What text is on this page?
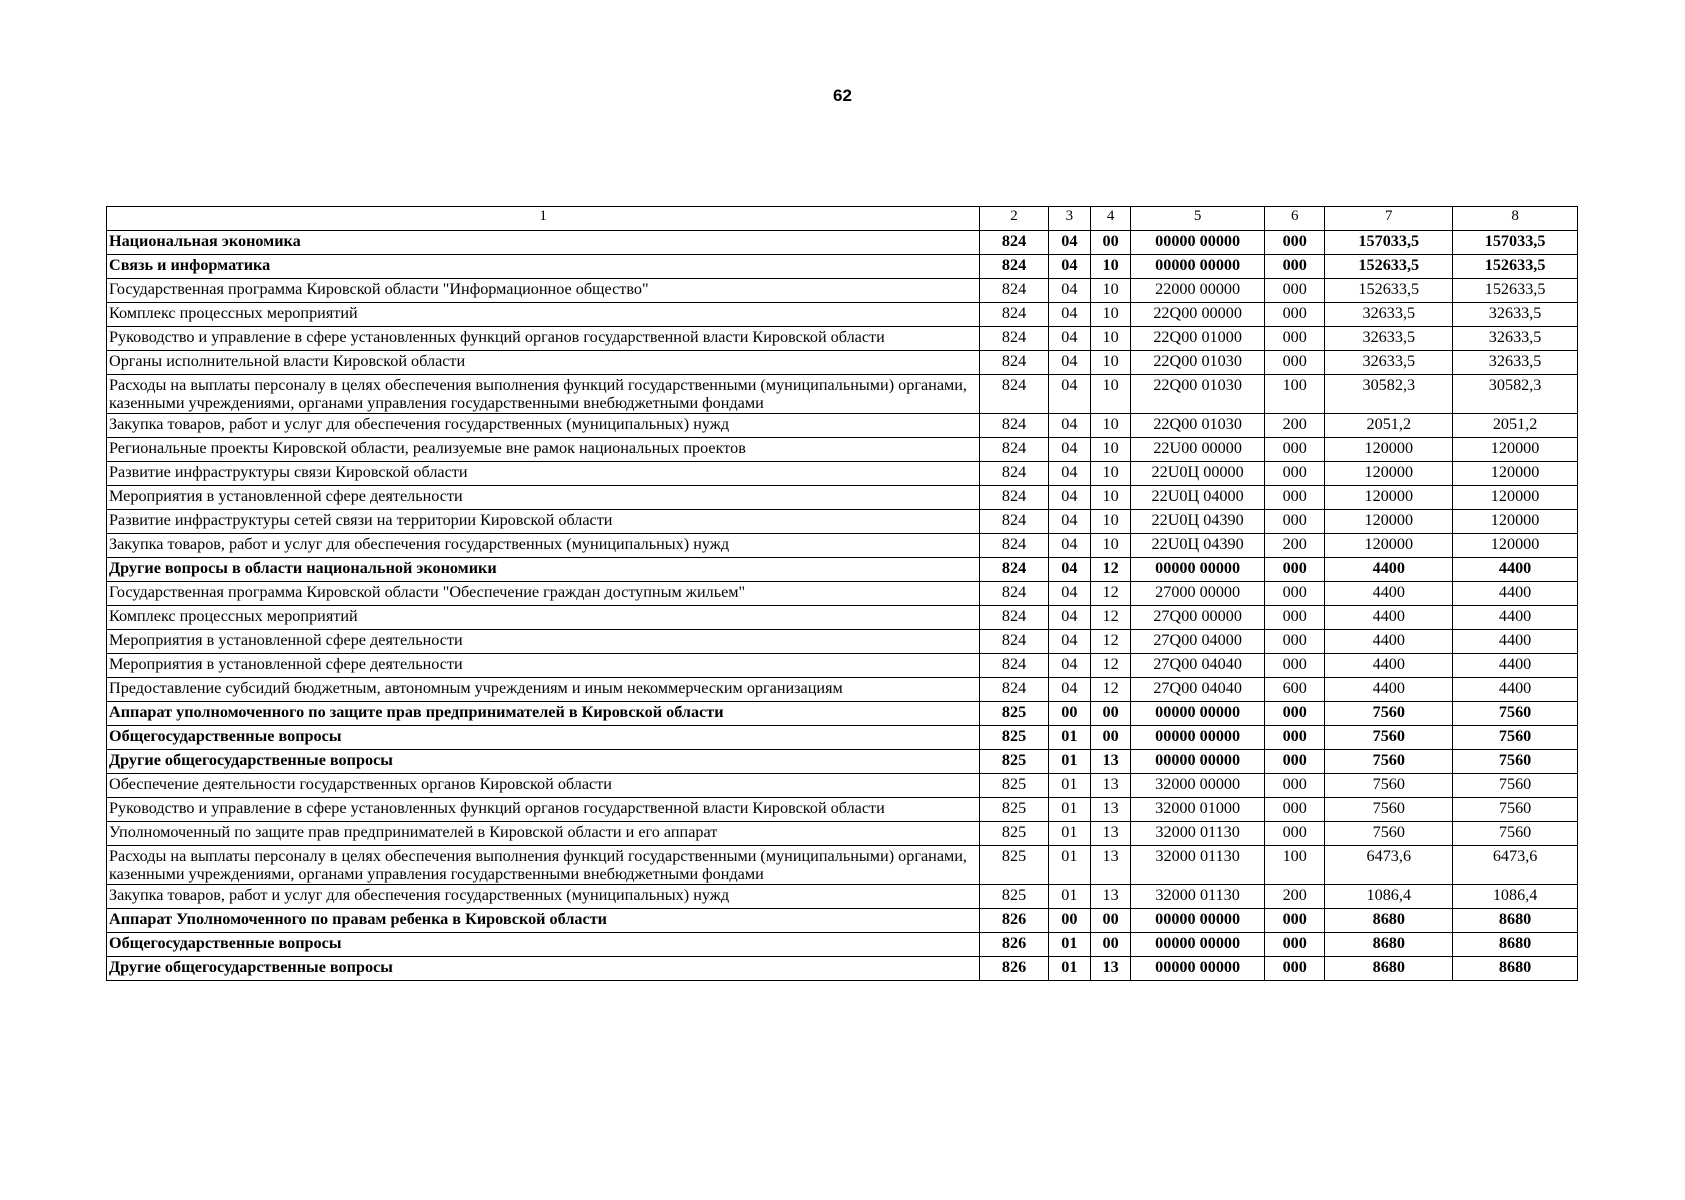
62
1	2	3	4	5	6	7	8
Национальная экономика	824	04	00	00000 00000	000	157033,5	157033,5
Связь и информатика	824	04	10	00000 00000	000	152633,5	152633,5
Государственная программа Кировской области "Информационное общество"	824	04	10	22000 00000	000	152633,5	152633,5
Комплекс процессных мероприятий	824	04	10	22Q00 00000	000	32633,5	32633,5
Руководство и управление в сфере установленных функций органов государственной власти Кировской области	824	04	10	22Q00 01000	000	32633,5	32633,5
Органы исполнительной власти Кировской области	824	04	10	22Q00 01030	000	32633,5	32633,5
Расходы на выплаты персоналу в целях обеспечения выполнения функций государственными (муниципальными) органами, казенными учреждениями, органами управления государственными внебюджетными фондами	824	04	10	22Q00 01030	100	30582,3	30582,3
Закупка товаров, работ и услуг для обеспечения государственных (муниципальных) нужд	824	04	10	22Q00 01030	200	2051,2	2051,2
Региональные проекты Кировской области, реализуемые вне рамок национальных проектов	824	04	10	22U00 00000	000	120000	120000
Развитие инфраструктуры связи Кировской области	824	04	10	22U0Ц 00000	000	120000	120000
Мероприятия в установленной сфере деятельности	824	04	10	22U0Ц 04000	000	120000	120000
Развитие инфраструктуры сетей связи на территории Кировской области	824	04	10	22U0Ц 04390	000	120000	120000
Закупка товаров, работ и услуг для обеспечения государственных (муниципальных) нужд	824	04	10	22U0Ц 04390	200	120000	120000
Другие вопросы в области национальной экономики	824	04	12	00000 00000	000	4400	4400
Государственная программа Кировской области "Обеспечение граждан доступным жильем"	824	04	12	27000 00000	000	4400	4400
Комплекс процессных мероприятий	824	04	12	27Q00 00000	000	4400	4400
Мероприятия в установленной сфере деятельности	824	04	12	27Q00 04000	000	4400	4400
Мероприятия в установленной сфере деятельности	824	04	12	27Q00 04040	000	4400	4400
Предоставление субсидий бюджетным, автономным учреждениям и иным некоммерческим организациям	824	04	12	27Q00 04040	600	4400	4400
Аппарат уполномоченного по защите прав предпринимателей в Кировской области	825	00	00	00000 00000	000	7560	7560
Общегосударственные вопросы	825	01	00	00000 00000	000	7560	7560
Другие общегосударственные вопросы	825	01	13	00000 00000	000	7560	7560
Обеспечение деятельности государственных органов Кировской области	825	01	13	32000 00000	000	7560	7560
Руководство и управление в сфере установленных функций органов государственной власти Кировской области	825	01	13	32000 01000	000	7560	7560
Уполномоченный по защите прав предпринимателей в Кировской области и его аппарат	825	01	13	32000 01130	000	7560	7560
Расходы на выплаты персоналу в целях обеспечения выполнения функций государственными (муниципальными) органами, казенными учреждениями, органами управления государственными внебюджетными фондами	825	01	13	32000 01130	100	6473,6	6473,6
Закупка товаров, работ и услуг для обеспечения государственных (муниципальных) нужд	825	01	13	32000 01130	200	1086,4	1086,4
Аппарат Уполномоченного по правам ребенка в Кировской области	826	00	00	00000 00000	000	8680	8680
Общегосударственные вопросы	826	01	00	00000 00000	000	8680	8680
Другие общегосударственные вопросы	826	01	13	00000 00000	000	8680	8680
